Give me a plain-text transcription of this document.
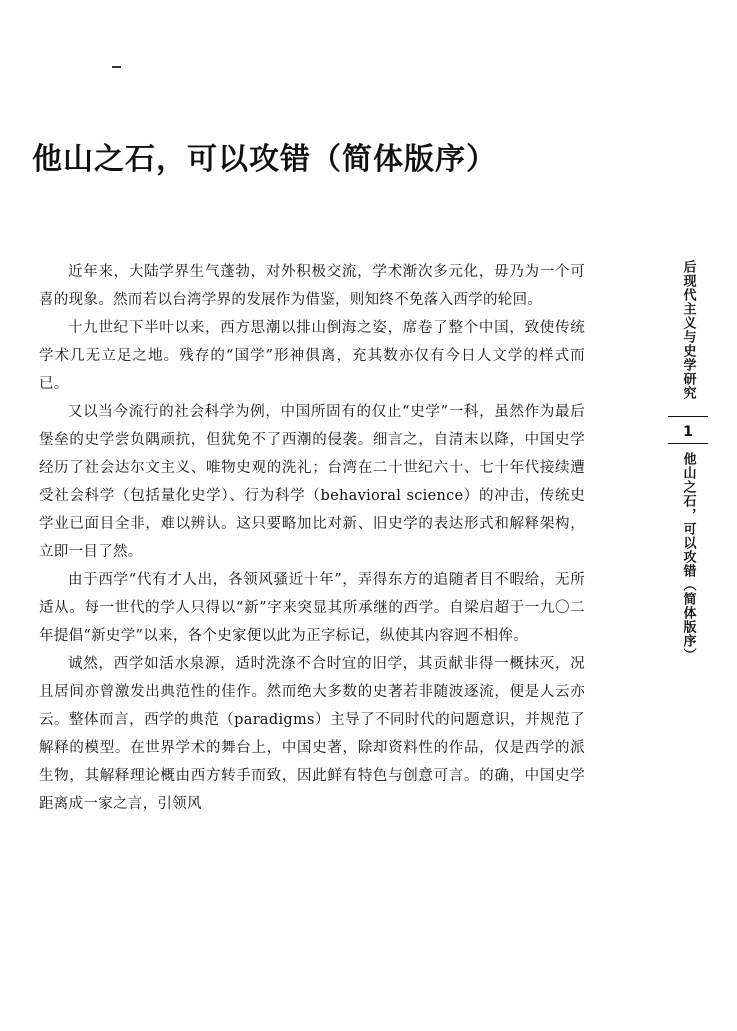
他山之石，可以攻错（简体版序）

近年来，大陆学界生气蓬勃，对外积极交流，学术渐次多元化，毋乃为一个可喜的现象。然而若以台湾学界的发展作为借鉴，则知终不免落入西学的轮回。

十九世纪下半叶以来，西方思潮以排山倒海之姿，席卷了整个中国，致使传统学术几无立足之地。残存的“国学”形神俱离，充其数亦仅有今日人文学的样式而已。

又以当今流行的社会科学为例，中国所固有的仅止“史学”一科，虽然作为最后堡垒的史学尝负隅顽抗，但犹免不了西潮的侵袭。细言之，自清末以降，中国史学经历了社会达尔文主义、唯物史观的洗礼；台湾在二十世纪六十、七十年代接续遭受社会科学（包括量化史学）、行为科学（behavioral science）的冲击，传统史学业已面目全非，难以辨认。这只要略加比对新、旧史学的表达形式和解释架构，立即一目了然。

由于西学“代有才人出，各领风骚近十年”，弄得东方的追随者目不暇给，无所适从。每一世代的学人只得以“新”字来突显其所承继的西学。自梁启超于一九〇二年提倡“新史学”以来，各个史家便以此为正字标记，纵使其内容迥不相侔。

诚然，西学如活水泉源，适时洗涤不合时宜的旧学，其贡献非得一概抹灭，况且居间亦曾激发出典范性的佳作。然而绝大多数的史著若非随波逐流，便是人云亦云。整体而言，西学的典范（paradigms）主导了不同时代的问题意识，并规范了解释的模型。在世界学术的舞台上，中国史著，除却资料性的作品，仅是西学的派生物，其解释理论概由西方转手而致，因此鲜有特色与创意可言。的确，中国史学距离成一家之言，引领风

后现代主义与史学研究
1
他山之石，可以攻错（简体版序）
